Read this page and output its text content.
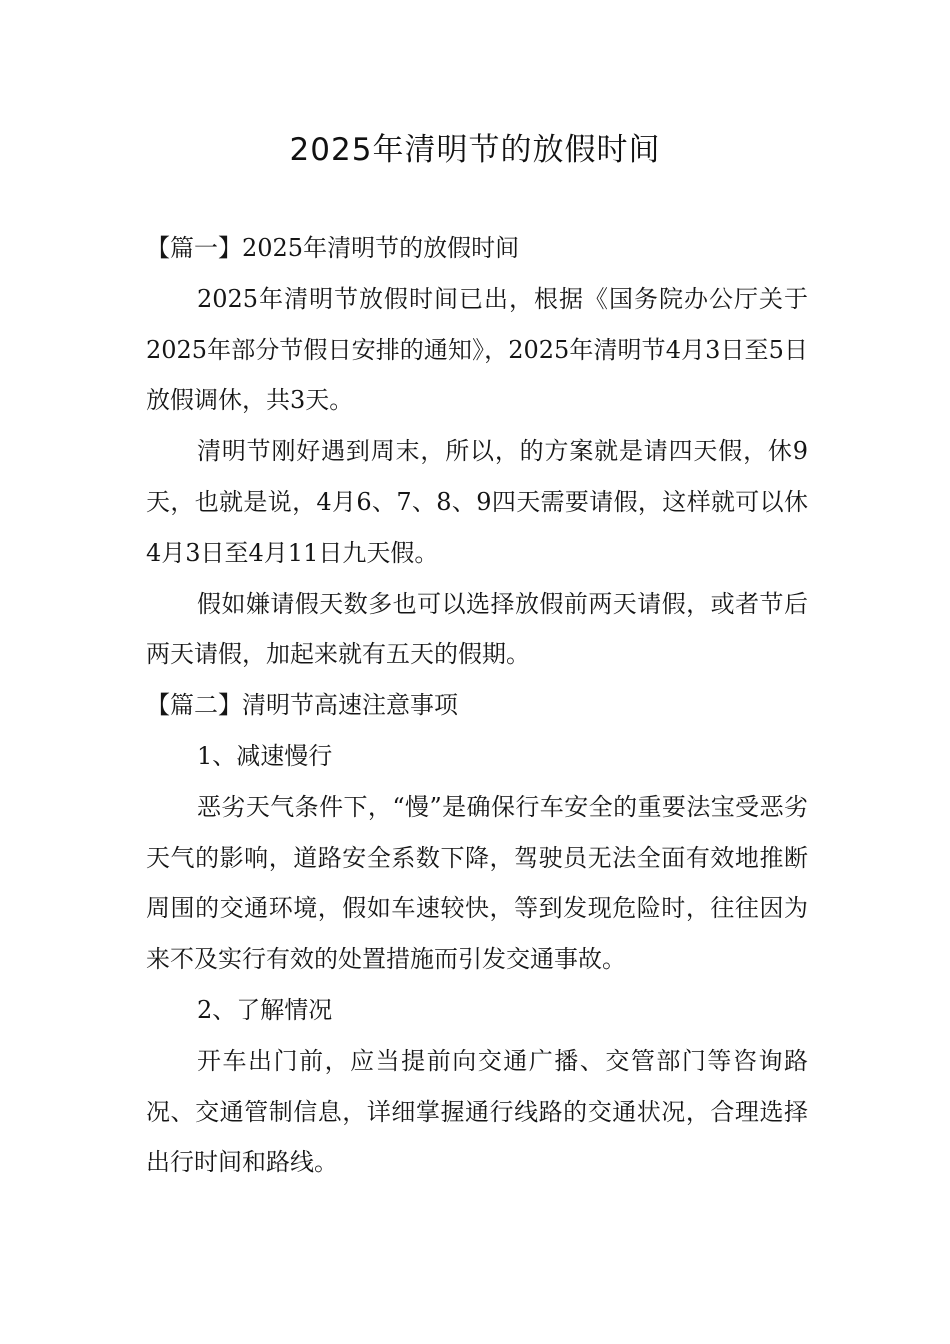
2025年清明节的放假时间

【篇一】2025年清明节的放假时间

2025年清明节放假时间已出，根据《国务院办公厅关于2025年部分节假日安排的通知》，2025年清明节4月3日至5日放假调休，共3天。

清明节刚好遇到周末，所以，的方案就是请四天假，休9天，也就是说，4月6、7、8、9四天需要请假，这样就可以休4月3日至4月11日九天假。

假如嫌请假天数多也可以选择放假前两天请假，或者节后两天请假，加起来就有五天的假期。

【篇二】清明节高速注意事项

1、减速慢行

恶劣天气条件下，“慢”是确保行车安全的重要法宝受恶劣天气的影响，道路安全系数下降，驾驶员无法全面有效地推断周围的交通环境，假如车速较快，等到发现危险时，往往因为来不及实行有效的处置措施而引发交通事故。

2、了解情况

开车出门前，应当提前向交通广播、交管部门等咨询路况、交通管制信息，详细掌握通行线路的交通状况，合理选择出行时间和路线。
